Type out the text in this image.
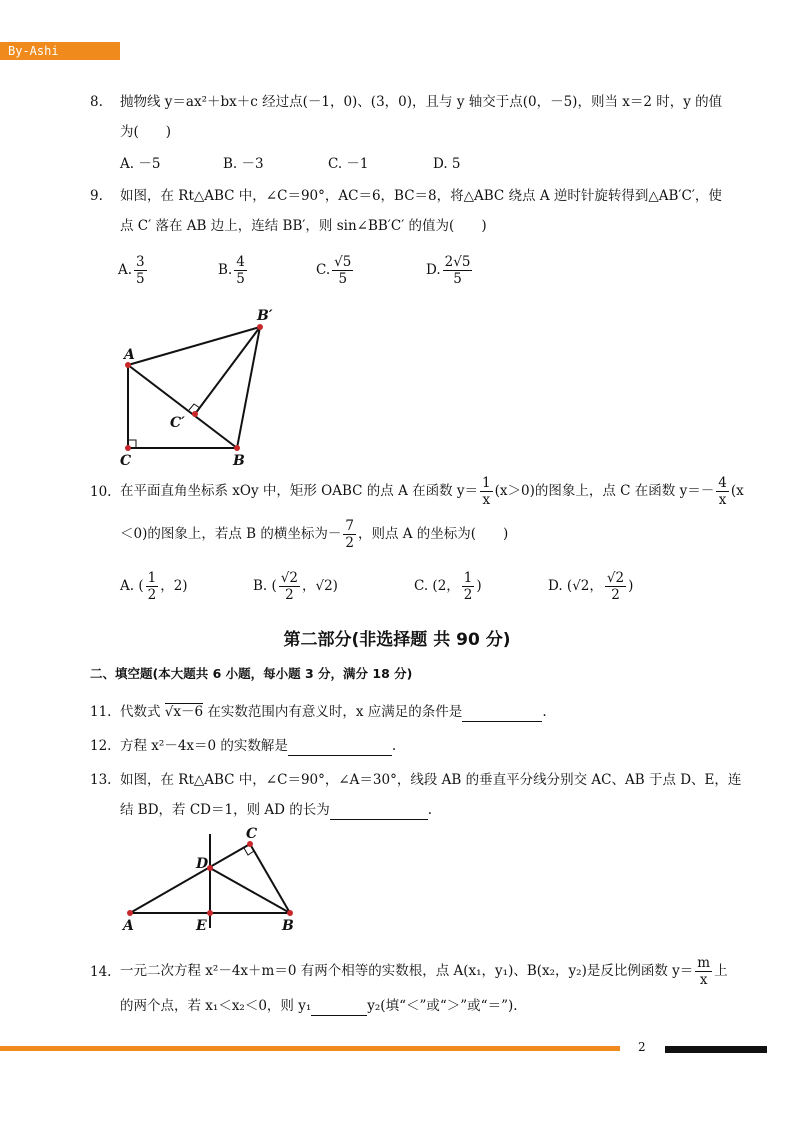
By-Ashi
8. 抛物线 y＝ax²＋bx＋c 经过点(－1，0)、(3，0)，且与 y 轴交于点(0，－5)，则当 x＝2 时，y 的值
为(　　)
A. －5	B. －3	C. －1	D. 5
9. 如图，在 Rt△ABC 中，∠C＝90°，AC＝6，BC＝8，将△ABC 绕点 A 逆时针旋转得到△AB′C′，使
点 C′ 落在 AB 边上，连结 BB′，则 sin∠BB′C′ 的值为(　　)
A. $\frac{3}{5}$	B. $\frac{4}{5}$	C. $\frac{√5}{5}$	D. $\frac{2√5}{5}$
A
B′
B
C′
C
10. 在平面直角坐标系 xOy 中，矩形 OABC 的点 A 在函数 $y= \frac{1}{x} (x>0)$的图象上，点 C 在函数 $y=- \frac{4}{x} (x$
＜0)的图象上，若点 B 的横坐标为－ $\frac{7}{2}$ ，则点 A 的坐标为(　　)
A. ( $\frac{1}{2}$ ，2)	B. ( $\frac{√2}{2}$ ，√2)	C. (2， $\frac{1}{2}$ )	D. (√2， $\frac{√2}{2}$ )
第二部分(非选择题 共 90 分)
二、填空题(本大题共 6 小题，每小题 3 分，满分 18 分)
11. 代数式 √x－6 在实数范围内有意义时，x 应满足的条件是	.
12. 方程 x²－4x＝0 的实数解是	.
13. 如图，在 Rt△ABC 中，∠C＝90°，∠A＝30°，线段 AB 的垂直平分线分别交 AC、AB 于点 D、E，连
结 BD，若 CD＝1，则 AD 的长为	.
A	B
C
D
E
14. 一元二次方程 x²－4x＋m＝0 有两个相等的实数根，点 A(x₁，y₁)、B(x₂，y₂)是反比例函数 $y= \frac{m}{x}$ 上
的两个点，若 x₁＜x₂＜0，则 y₁	y₂(填“＜”或“＞”或“＝”).
2
